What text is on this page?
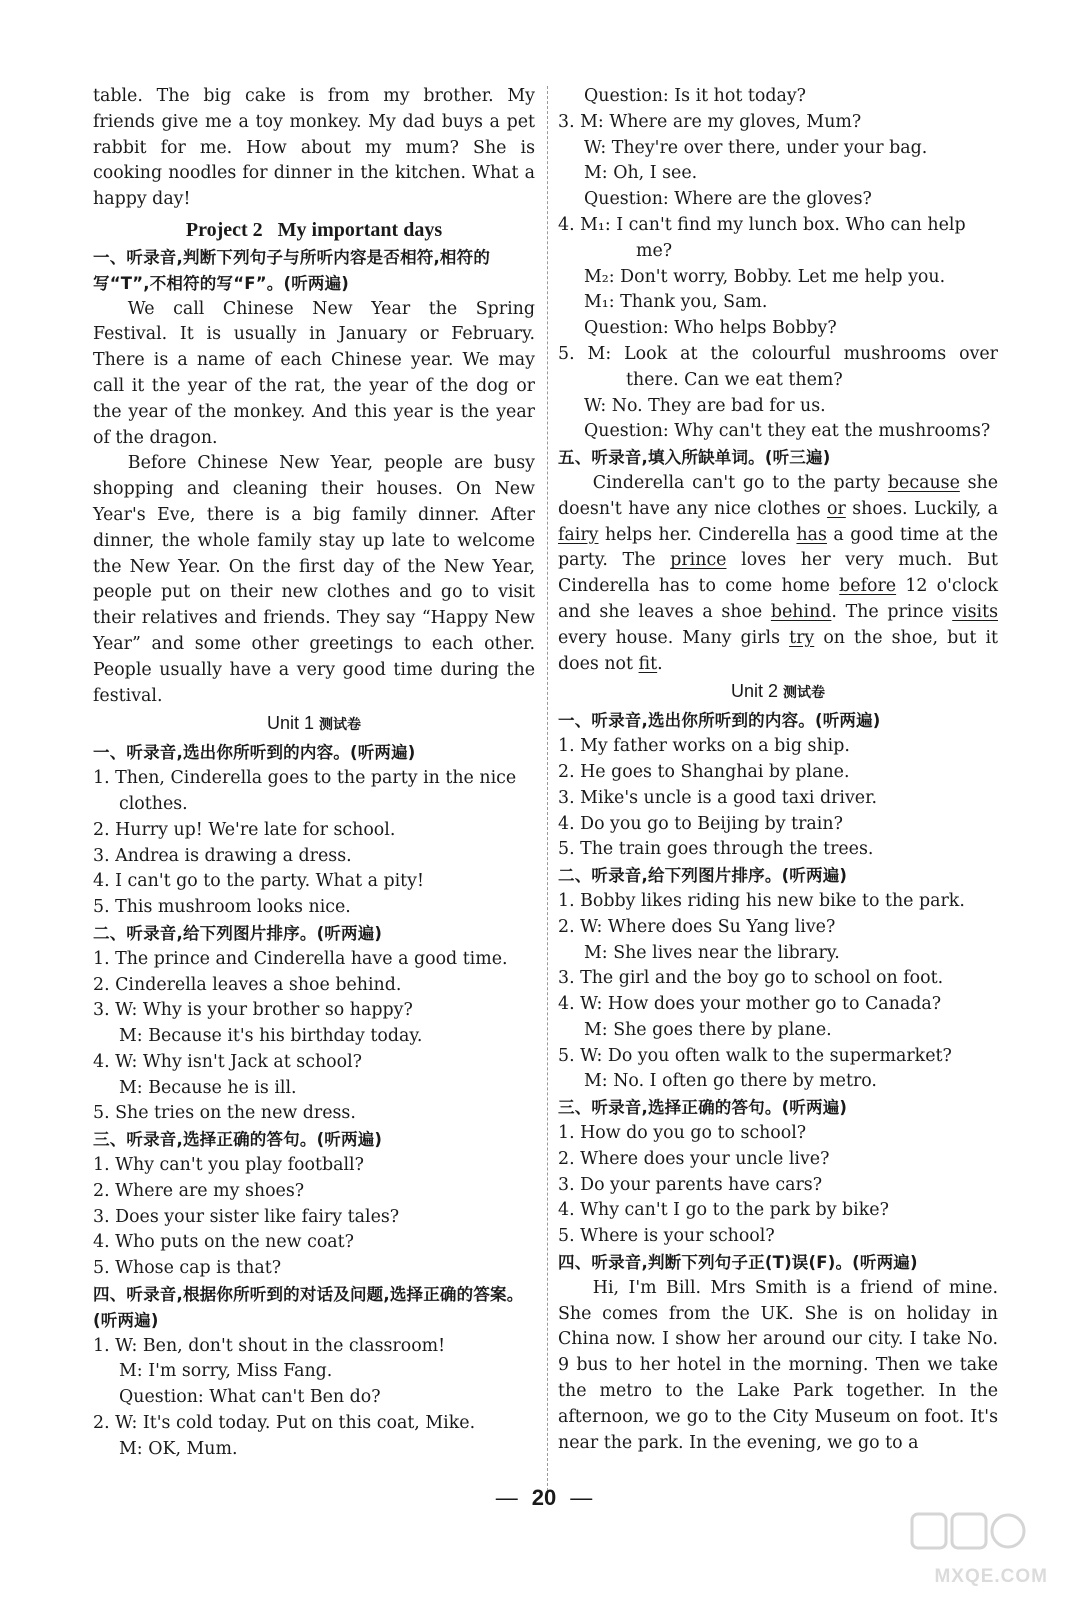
table. The big cake is from my brother. My friends give me a toy monkey. My dad buys a pet rabbit for me. How about my mum? She is cooking noodles for dinner in the kitchen. What a happy day!
Project 2   My important days
一、听录音,判断下列句子与所听内容是否相符,相符的写“T”,不相符的写“F”。(听两遍)
We call Chinese New Year the Spring Festival. It is usually in January or February. There is a name of each Chinese year. We may call it the year of the rat, the year of the dog or the year of the monkey. And this year is the year of the dragon.
Before Chinese New Year, people are busy shopping and cleaning their houses. On New Year's Eve, there is a big family dinner. After dinner, the whole family stay up late to welcome the New Year. On the first day of the New Year, people put on their new clothes and go to visit their relatives and friends. They say “Happy New Year” and some other greetings to each other. People usually have a very good time during the festival.
Unit 1 测试卷
一、听录音,选出你所听到的内容。(听两遍)
1. Then, Cinderella goes to the party in the nice clothes.
2. Hurry up! We're late for school.
3. Andrea is drawing a dress.
4. I can't go to the party. What a pity!
5. This mushroom looks nice.
二、听录音,给下列图片排序。(听两遍)
1. The prince and Cinderella have a good time.
2. Cinderella leaves a shoe behind.
3. W: Why is your brother so happy?
M: Because it's his birthday today.
4. W: Why isn't Jack at school?
M: Because he is ill.
5. She tries on the new dress.
三、听录音,选择正确的答句。(听两遍)
1. Why can't you play football?
2. Where are my shoes?
3. Does your sister like fairy tales?
4. Who puts on the new coat?
5. Whose cap is that?
四、听录音,根据你所听到的对话及问题,选择正确的答案。(听两遍)
1. W: Ben, don't shout in the classroom!
M: I'm sorry, Miss Fang.
Question: What can't Ben do?
2. W: It's cold today. Put on this coat, Mike.
M: OK, Mum.
Question: Is it hot today?
3. M: Where are my gloves, Mum?
W: They're over there, under your bag.
M: Oh, I see.
Question: Where are the gloves?
4. M₁: I can't find my lunch box. Who can help me?
M₂: Don't worry, Bobby. Let me help you.
M₁: Thank you, Sam.
Question: Who helps Bobby?
5. M: Look at the colourful mushrooms over there. Can we eat them?
W: No. They are bad for us.
Question: Why can't they eat the mushrooms?
五、听录音,填入所缺单词。(听三遍)
Cinderella can't go to the party because she doesn't have any nice clothes or shoes. Luckily, a fairy helps her. Cinderella has a good time at the party. The prince loves her very much. But Cinderella has to come home before 12 o'clock and she leaves a shoe behind. The prince visits every house. Many girls try on the shoe, but it does not fit.
Unit 2 测试卷
一、听录音,选出你所听到的内容。(听两遍)
1. My father works on a big ship.
2. He goes to Shanghai by plane.
3. Mike's uncle is a good taxi driver.
4. Do you go to Beijing by train?
5. The train goes through the trees.
二、听录音,给下列图片排序。(听两遍)
1. Bobby likes riding his new bike to the park.
2. W: Where does Su Yang live?
M: She lives near the library.
3. The girl and the boy go to school on foot.
4. W: How does your mother go to Canada?
M: She goes there by plane.
5. W: Do you often walk to the supermarket?
M: No. I often go there by metro.
三、听录音,选择正确的答句。(听两遍)
1. How do you go to school?
2. Where does your uncle live?
3. Do your parents have cars?
4. Why can't I go to the park by bike?
5. Where is your school?
四、听录音,判断下列句子正(T)误(F)。(听两遍)
Hi, I'm Bill. Mrs Smith is a friend of mine. She comes from the UK. She is on holiday in China now. I show her around our city. I take No. 9 bus to her hotel in the morning. Then we take the metro to the Lake Park together. In the afternoon, we go to the City Museum on foot. It's near the park. In the evening, we go to a
— 20 —
MXQE.COM
